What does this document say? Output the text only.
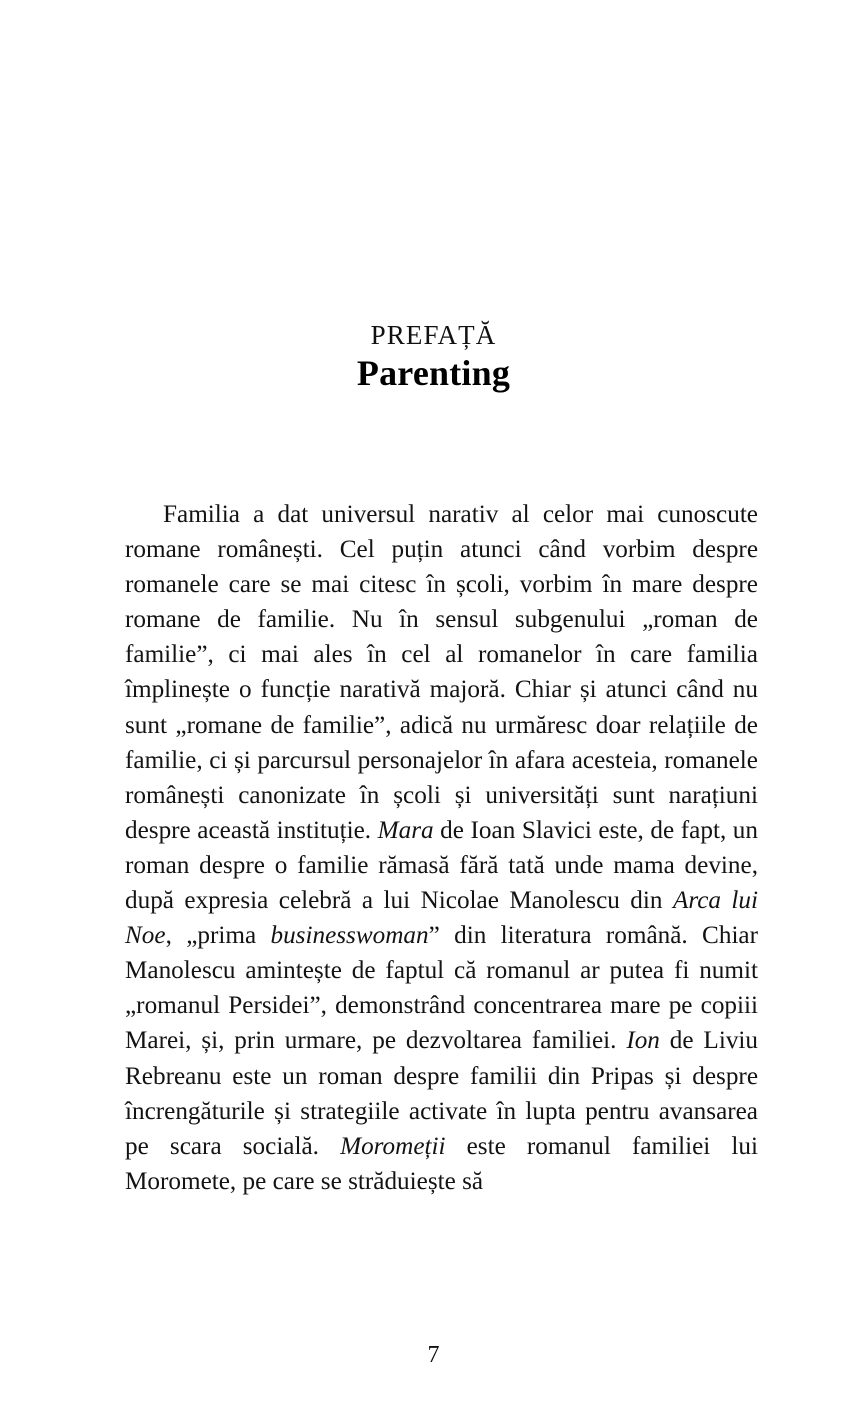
PREFAȚĂ
Parenting

Familia a dat universul narativ al celor mai cunoscute romane românești. Cel puțin atunci când vorbim despre romanele care se mai citesc în școli, vorbim în mare despre romane de familie. Nu în sensul subgenului „roman de familie”, ci mai ales în cel al romanelor în care familia împlinește o funcție narativă majoră. Chiar și atunci când nu sunt „romane de familie”, adică nu urmăresc doar relațiile de familie, ci și parcursul personajelor în afara acesteia, romanele românești canonizate în școli și universități sunt narațiuni despre această instituție. Mara de Ioan Slavici este, de fapt, un roman despre o familie rămasă fără tată unde mama devine, după expresia celebră a lui Nicolae Manolescu din Arca lui Noe, „prima businesswoman” din literatura română. Chiar Manolescu amintește de faptul că romanul ar putea fi numit „romanul Persidei”, demonstrând concentrarea mare pe copiii Marei, și, prin urmare, pe dezvoltarea familiei. Ion de Liviu Rebreanu este un roman despre familii din Pripas și despre încrengăturile și strategiile activate în lupta pentru avansarea pe scara socială. Moromeții este romanul familiei lui Moromete, pe care se străduiește să

7
